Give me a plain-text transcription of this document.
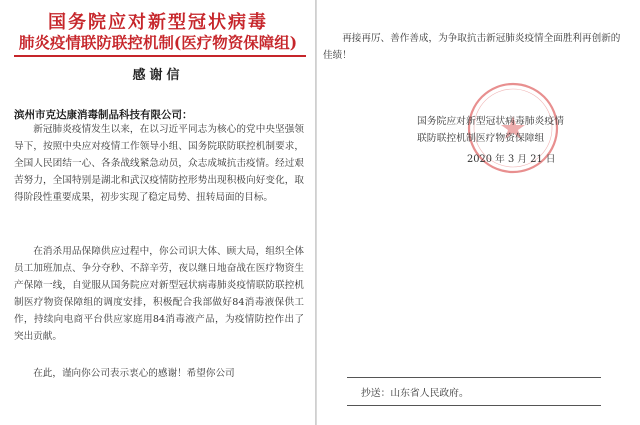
国务院应对新型冠状病毒
肺炎疫情联防联控机制(医疗物资保障组)
感谢信
滨州市克达康消毒制品科技有限公司：
新冠肺炎疫情发生以来，在以习近平同志为核心的党中央坚强领导下，按照中央应对疫情工作领导小组、国务院联防联控机制要求，全国人民团结一心、各条战线紧急动员，众志成城抗击疫情。经过艰苦努力，全国特别是湖北和武汉疫情防控形势出现积极向好变化，取得阶段性重要成果，初步实现了稳定局势、扭转局面的目标。
在消杀用品保障供应过程中，你公司识大体、顾大局，组织全体员工加班加点、争分夺秒、不辞辛劳，夜以继日地奋战在医疗物资生产保障一线，自觉服从国务院应对新型冠状病毒肺炎疫情联防联控机制医疗物资保障组的调度安排，积极配合我部做好84消毒液保供工作，持续向电商平台供应家庭用84消毒液产品，为疫情防控作出了突出贡献。
在此，谨向你公司表示衷心的感谢！希望你公司
再接再厉、善作善成，为争取抗击新冠肺炎疫情全面胜利再创新的佳绩！
国务院应对新型冠状病毒肺炎疫情
联防联控机制医疗物资保障组
2020 年 3 月 21 日
抄送：山东省人民政府。
